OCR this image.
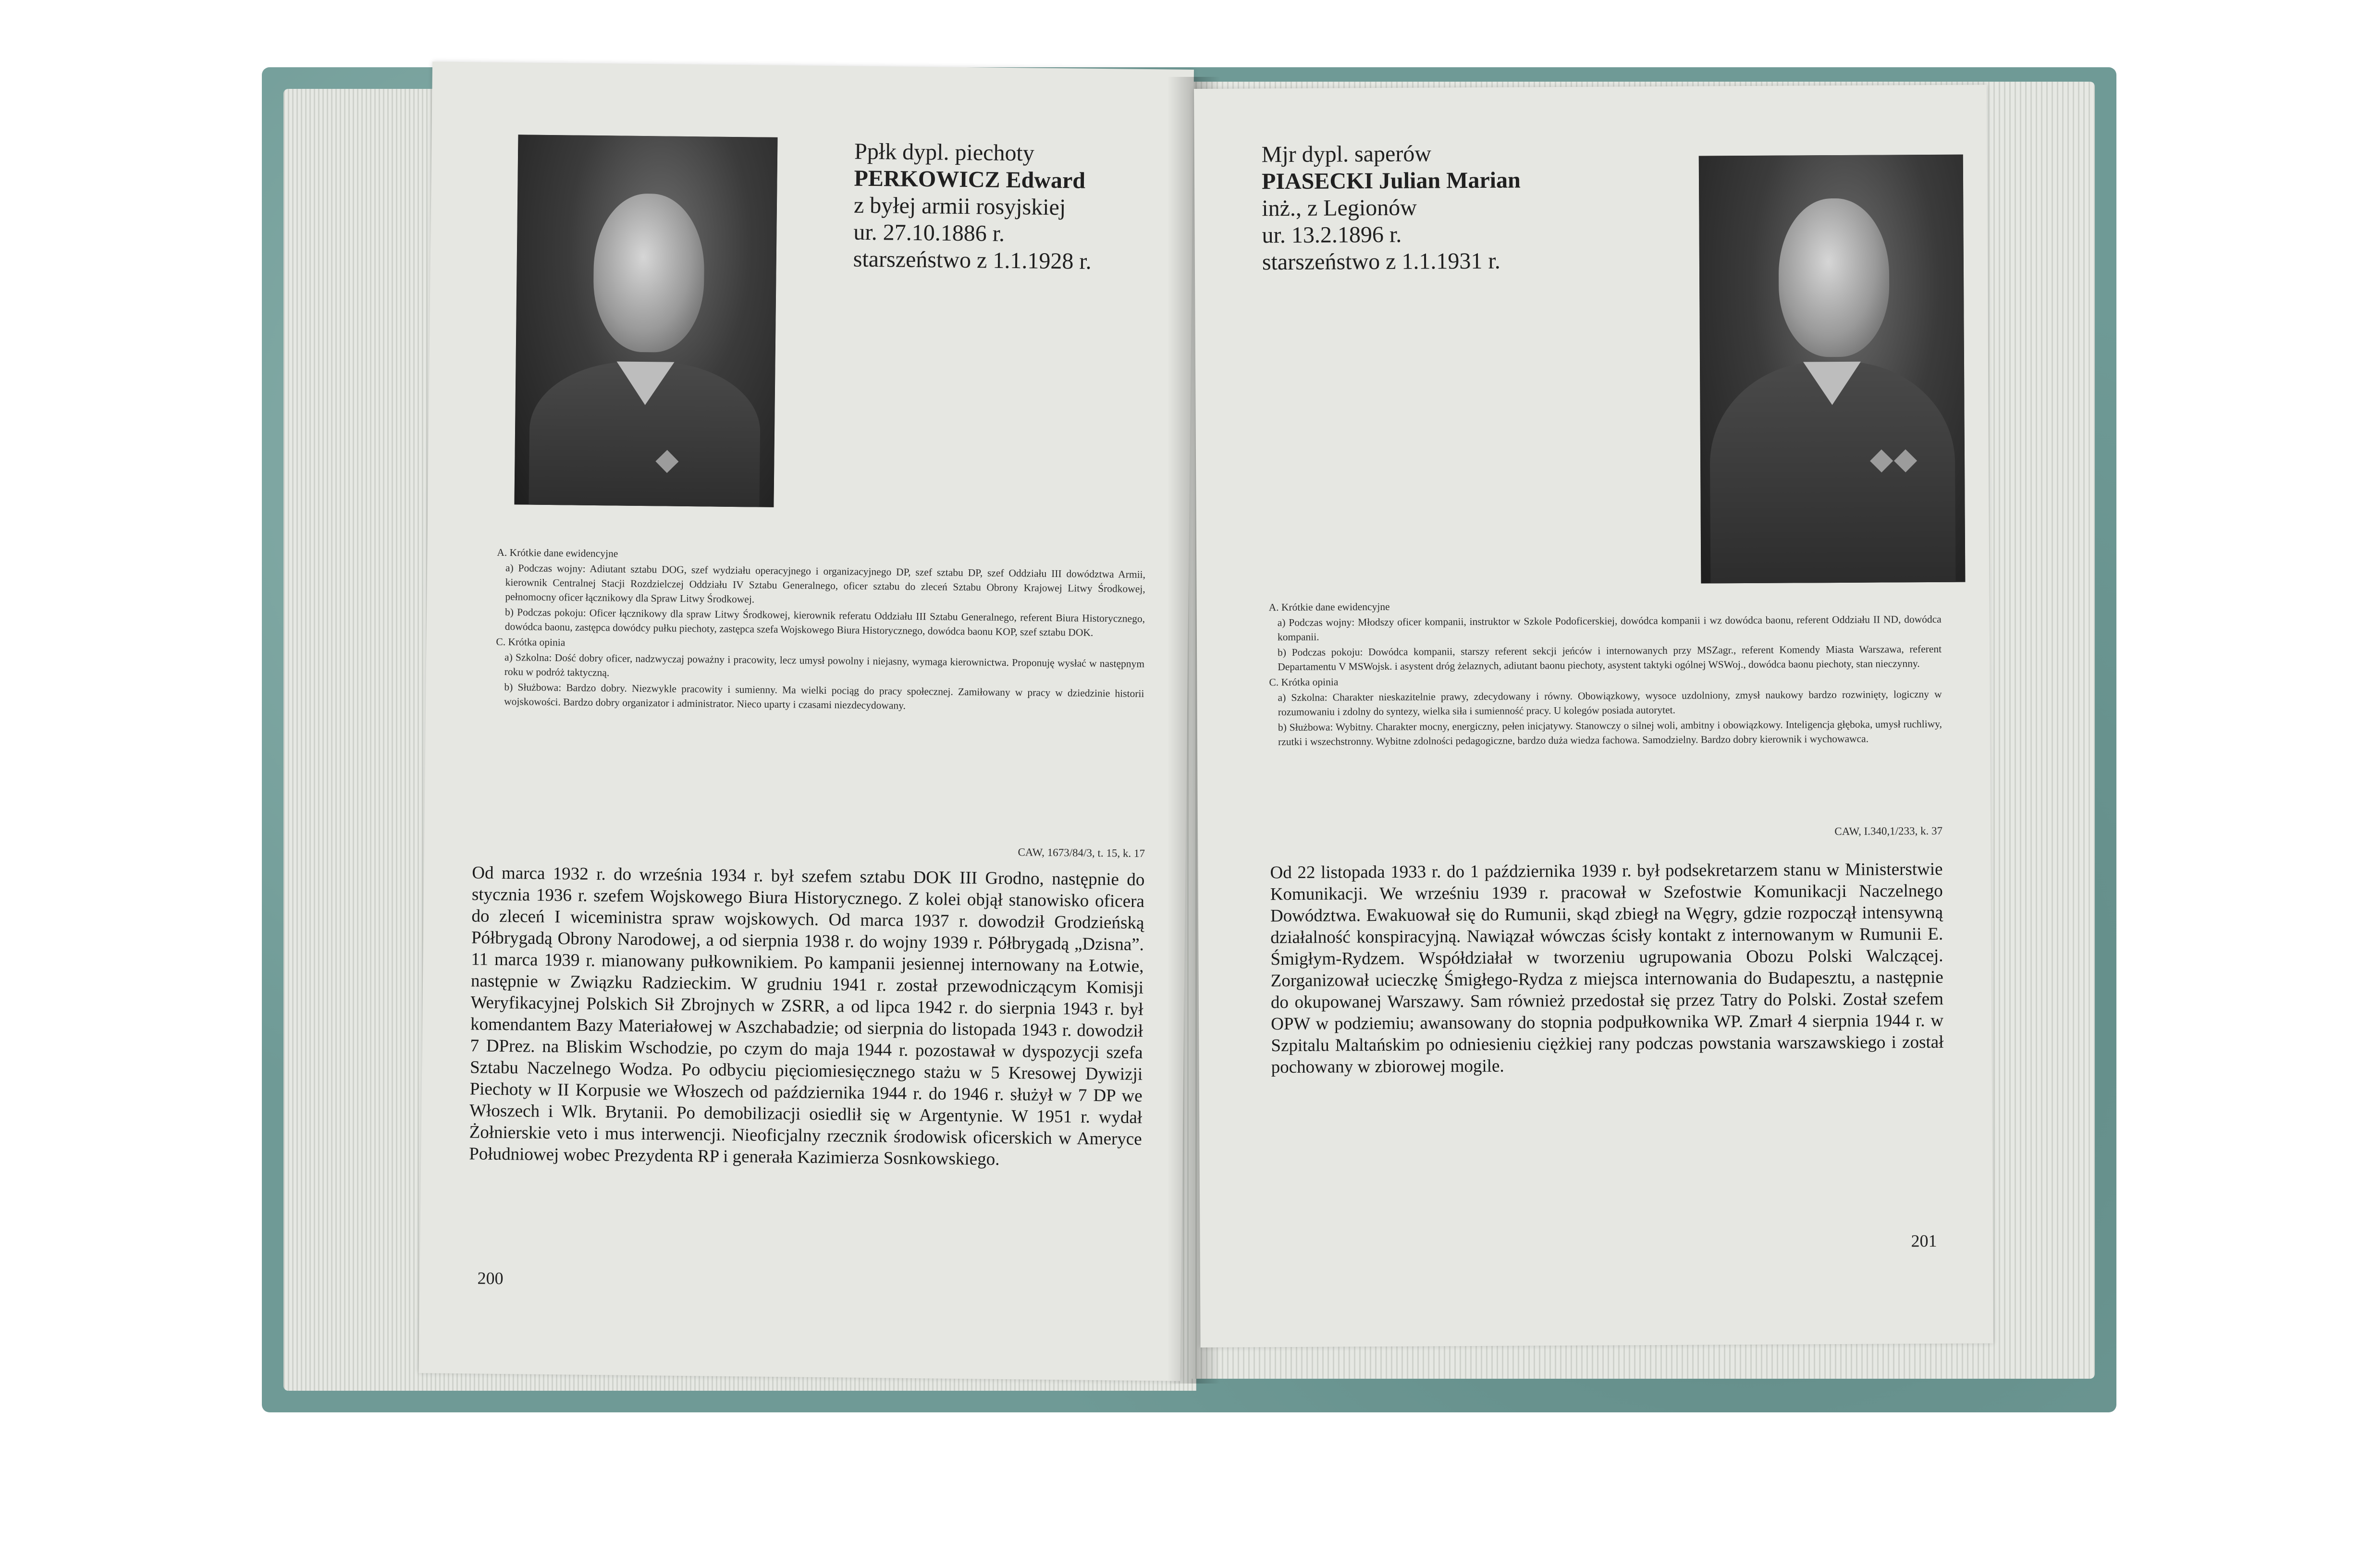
Ppłk dypl. piechoty
PERKOWICZ Edward
z byłej armii rosyjskiej
ur. 27.10.1886 r.
starszeństwo z 1.1.1928 r.

A. Krótkie dane ewidencyjne

a) Podczas wojny: Adiutant sztabu DOG, szef wydziału operacyjnego i organizacyjnego DP, szef sztabu DP, szef Oddziału III dowództwa Armii, kierownik Centralnej Stacji Rozdzielczej Oddziału IV Sztabu Generalnego, oficer sztabu do zleceń Sztabu Obrony Krajowej Litwy Środkowej, pełnomocny oficer łącznikowy dla Spraw Litwy Środkowej.

b) Podczas pokoju: Oficer łącznikowy dla spraw Litwy Środkowej, kierownik referatu Oddziału III Sztabu Generalnego, referent Biura Historycznego, dowódca baonu, zastępca dowódcy pułku piechoty, zastępca szefa Wojskowego Biura Historycznego, dowódca baonu KOP, szef sztabu DOK.

C. Krótka opinia

a) Szkolna: Dość dobry oficer, nadzwyczaj poważny i pracowity, lecz umysł powolny i niejasny, wymaga kierownictwa. Proponuję wysłać w następnym roku w podróż taktyczną.

b) Służbowa: Bardzo dobry. Niezwykle pracowity i sumienny. Ma wielki pociąg do pracy społecznej. Zamiłowany w pracy w dziedzinie historii wojskowości. Bardzo dobry organizator i administrator. Nieco uparty i czasami niezdecydowany.

CAW, 1673/84/3, t. 15, k. 17
Od marca 1932 r. do września 1934 r. był szefem sztabu DOK III Grodno, następnie do stycznia 1936 r. szefem Wojskowego Biura Historycznego. Z kolei objął stanowisko oficera do zleceń I wiceministra spraw wojskowych. Od marca 1937 r. dowodził Grodzieńską Półbrygadą Obrony Narodowej, a od sierpnia 1938 r. do wojny 1939 r. Półbrygadą „Dzisna”. 11 marca 1939 r. mianowany pułkownikiem. Po kampanii jesiennej internowany na Łotwie, następnie w Związku Radzieckim. W grudniu 1941 r. został przewodniczącym Komisji Weryfikacyjnej Polskich Sił Zbrojnych w ZSRR, a od lipca 1942 r. do sierpnia 1943 r. był komendantem Bazy Materiałowej w Aszchabadzie; od sierpnia do listopada 1943 r. dowodził 7 DPrez. na Bliskim Wschodzie, po czym do maja 1944 r. pozostawał w dyspozycji szefa Sztabu Naczelnego Wodza. Po odbyciu pięciomiesięcznego stażu w 5 Kresowej Dywizji Piechoty w II Korpusie we Włoszech od października 1944 r. do 1946 r. służył w 7 DP we Włoszech i Wlk. Brytanii. Po demobilizacji osiedlił się w Argentynie. W 1951 r. wydał Żołnierskie veto i mus interwencji. Nieoficjalny rzecznik środowisk oficerskich w Ameryce Południowej wobec Prezydenta RP i generała Kazimierza Sosnkowskiego.
200
Mjr dypl. saperów
PIASECKI Julian Marian
inż., z Legionów
ur. 13.2.1896 r.
starszeństwo z 1.1.1931 r.

A. Krótkie dane ewidencyjne

a) Podczas wojny: Młodszy oficer kompanii, instruktor w Szkole Podoficerskiej, dowódca kompanii i wz dowódca baonu, referent Oddziału II ND, dowódca kompanii.

b) Podczas pokoju: Dowódca kompanii, starszy referent sekcji jeńców i internowanych przy MSZagr., referent Komendy Miasta Warszawa, referent Departamentu V MSWojsk. i asystent dróg żelaznych, adiutant baonu piechoty, asystent taktyki ogólnej WSWoj., dowódca baonu piechoty, stan nieczynny.

C. Krótka opinia

a) Szkolna: Charakter nieskazitelnie prawy, zdecydowany i równy. Obowiązkowy, wysoce uzdolniony, zmysł naukowy bardzo rozwinięty, logiczny w rozumowaniu i zdolny do syntezy, wielka siła i sumienność pracy. U kolegów posiada autorytet.

b) Służbowa: Wybitny. Charakter mocny, energiczny, pełen inicjatywy. Stanowczy o silnej woli, ambitny i obowiązkowy. Inteligencja głęboka, umysł ruchliwy, rzutki i wszechstronny. Wybitne zdolności pedagogiczne, bardzo duża wiedza fachowa. Samodzielny. Bardzo dobry kierownik i wychowawca.

CAW, I.340,1/233, k. 37
Od 22 listopada 1933 r. do 1 października 1939 r. był podsekretarzem stanu w Ministerstwie Komunikacji. We wrześniu 1939 r. pracował w Szefostwie Komunikacji Naczelnego Dowództwa. Ewakuował się do Rumunii, skąd zbiegł na Węgry, gdzie rozpoczął intensywną działalność konspiracyjną. Nawiązał wówczas ścisły kontakt z internowanym w Rumunii E. Śmigłym-Rydzem. Współdziałał w tworzeniu ugrupowania Obozu Polski Walczącej. Zorganizował ucieczkę Śmigłego-Rydza z miejsca internowania do Budapesztu, a następnie do okupowanej Warszawy. Sam również przedostał się przez Tatry do Polski. Został szefem OPW w podziemiu; awansowany do stopnia podpułkownika WP. Zmarł 4 sierpnia 1944 r. w Szpitalu Maltańskim po odniesieniu ciężkiej rany podczas powstania warszawskiego i został pochowany w zbiorowej mogile.
201
